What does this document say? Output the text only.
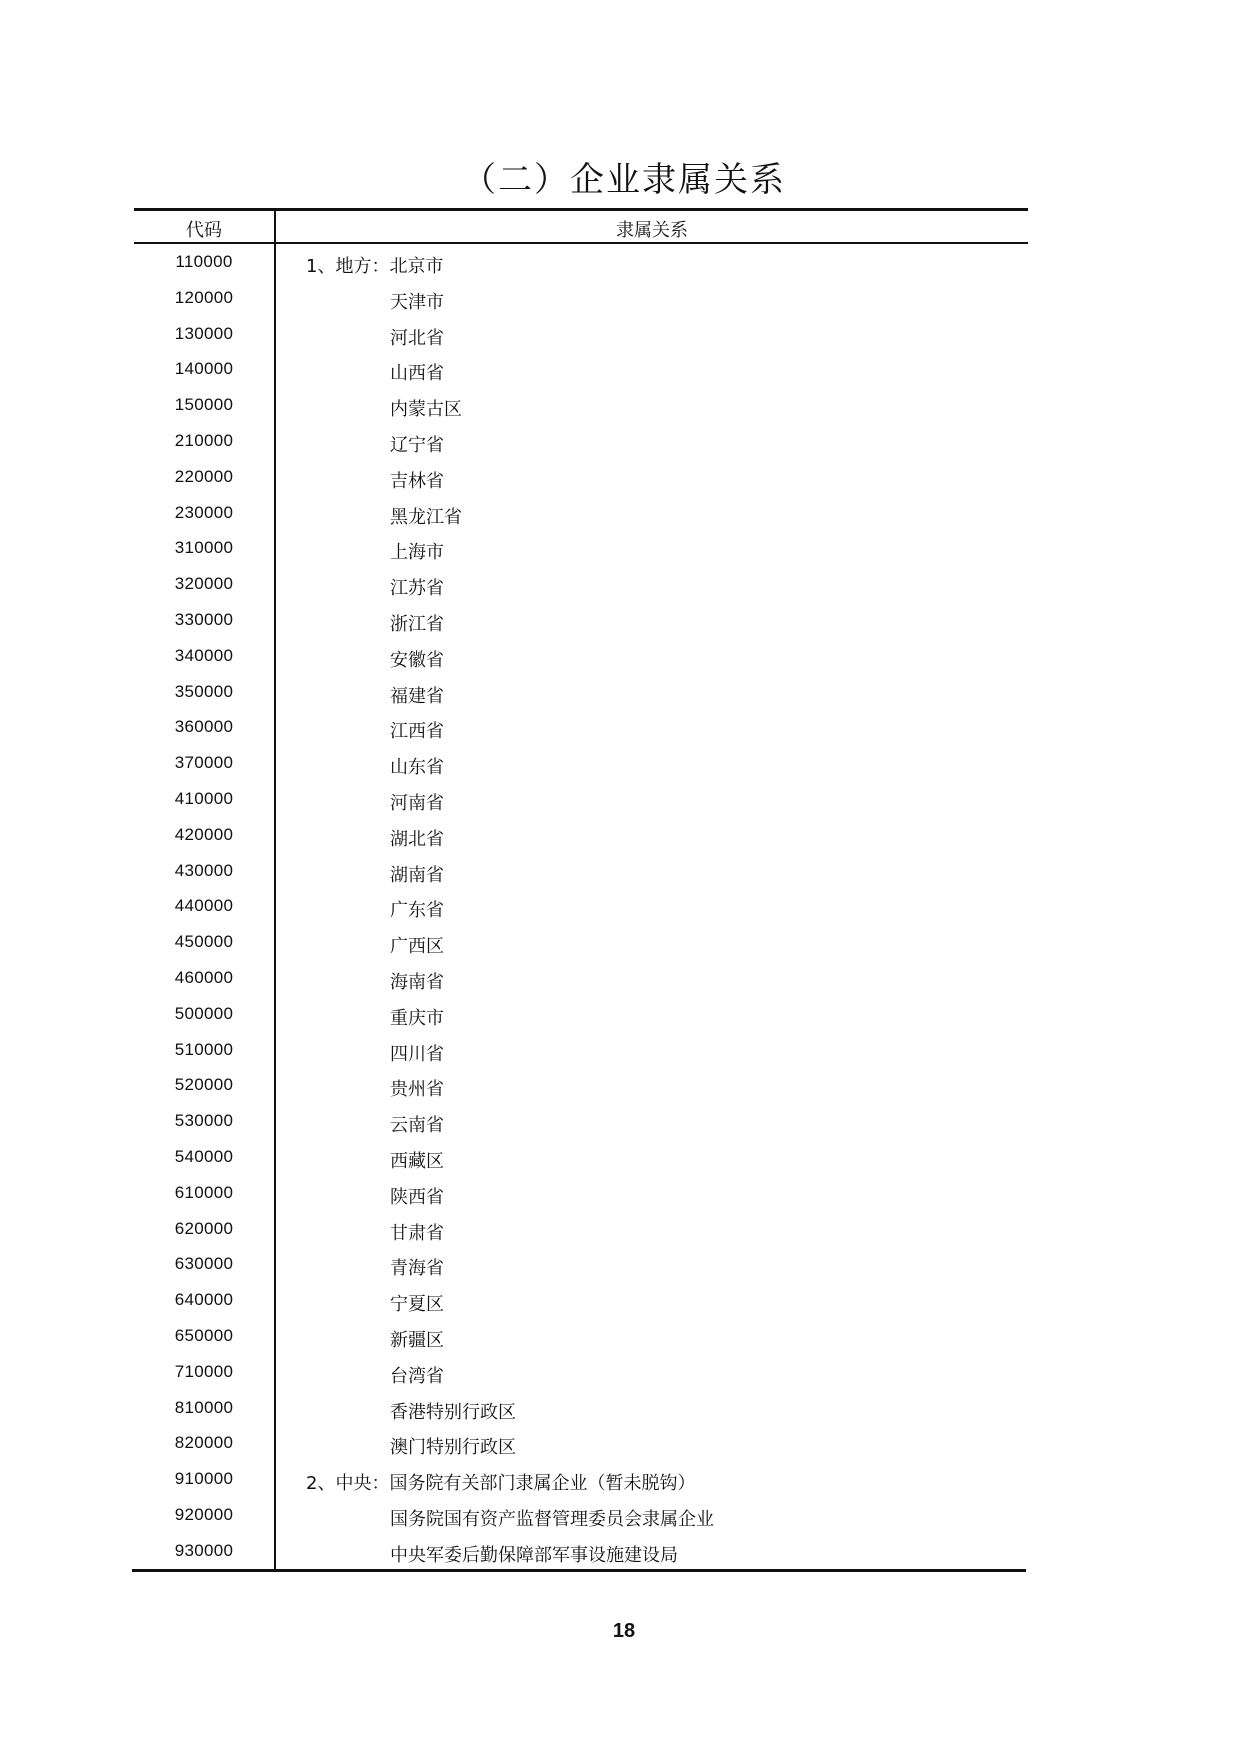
（二）企业隶属关系
代码	隶属关系
110000	1、地方：北京市
120000	天津市
130000	河北省
140000	山西省
150000	内蒙古区
210000	辽宁省
220000	吉林省
230000	黑龙江省
310000	上海市
320000	江苏省
330000	浙江省
340000	安徽省
350000	福建省
360000	江西省
370000	山东省
410000	河南省
420000	湖北省
430000	湖南省
440000	广东省
450000	广西区
460000	海南省
500000	重庆市
510000	四川省
520000	贵州省
530000	云南省
540000	西藏区
610000	陕西省
620000	甘肃省
630000	青海省
640000	宁夏区
650000	新疆区
710000	台湾省
810000	香港特别行政区
820000	澳门特别行政区
910000	2、中央：国务院有关部门隶属企业（暂未脱钩）
920000	国务院国有资产监督管理委员会隶属企业
930000	中央军委后勤保障部军事设施建设局
18
